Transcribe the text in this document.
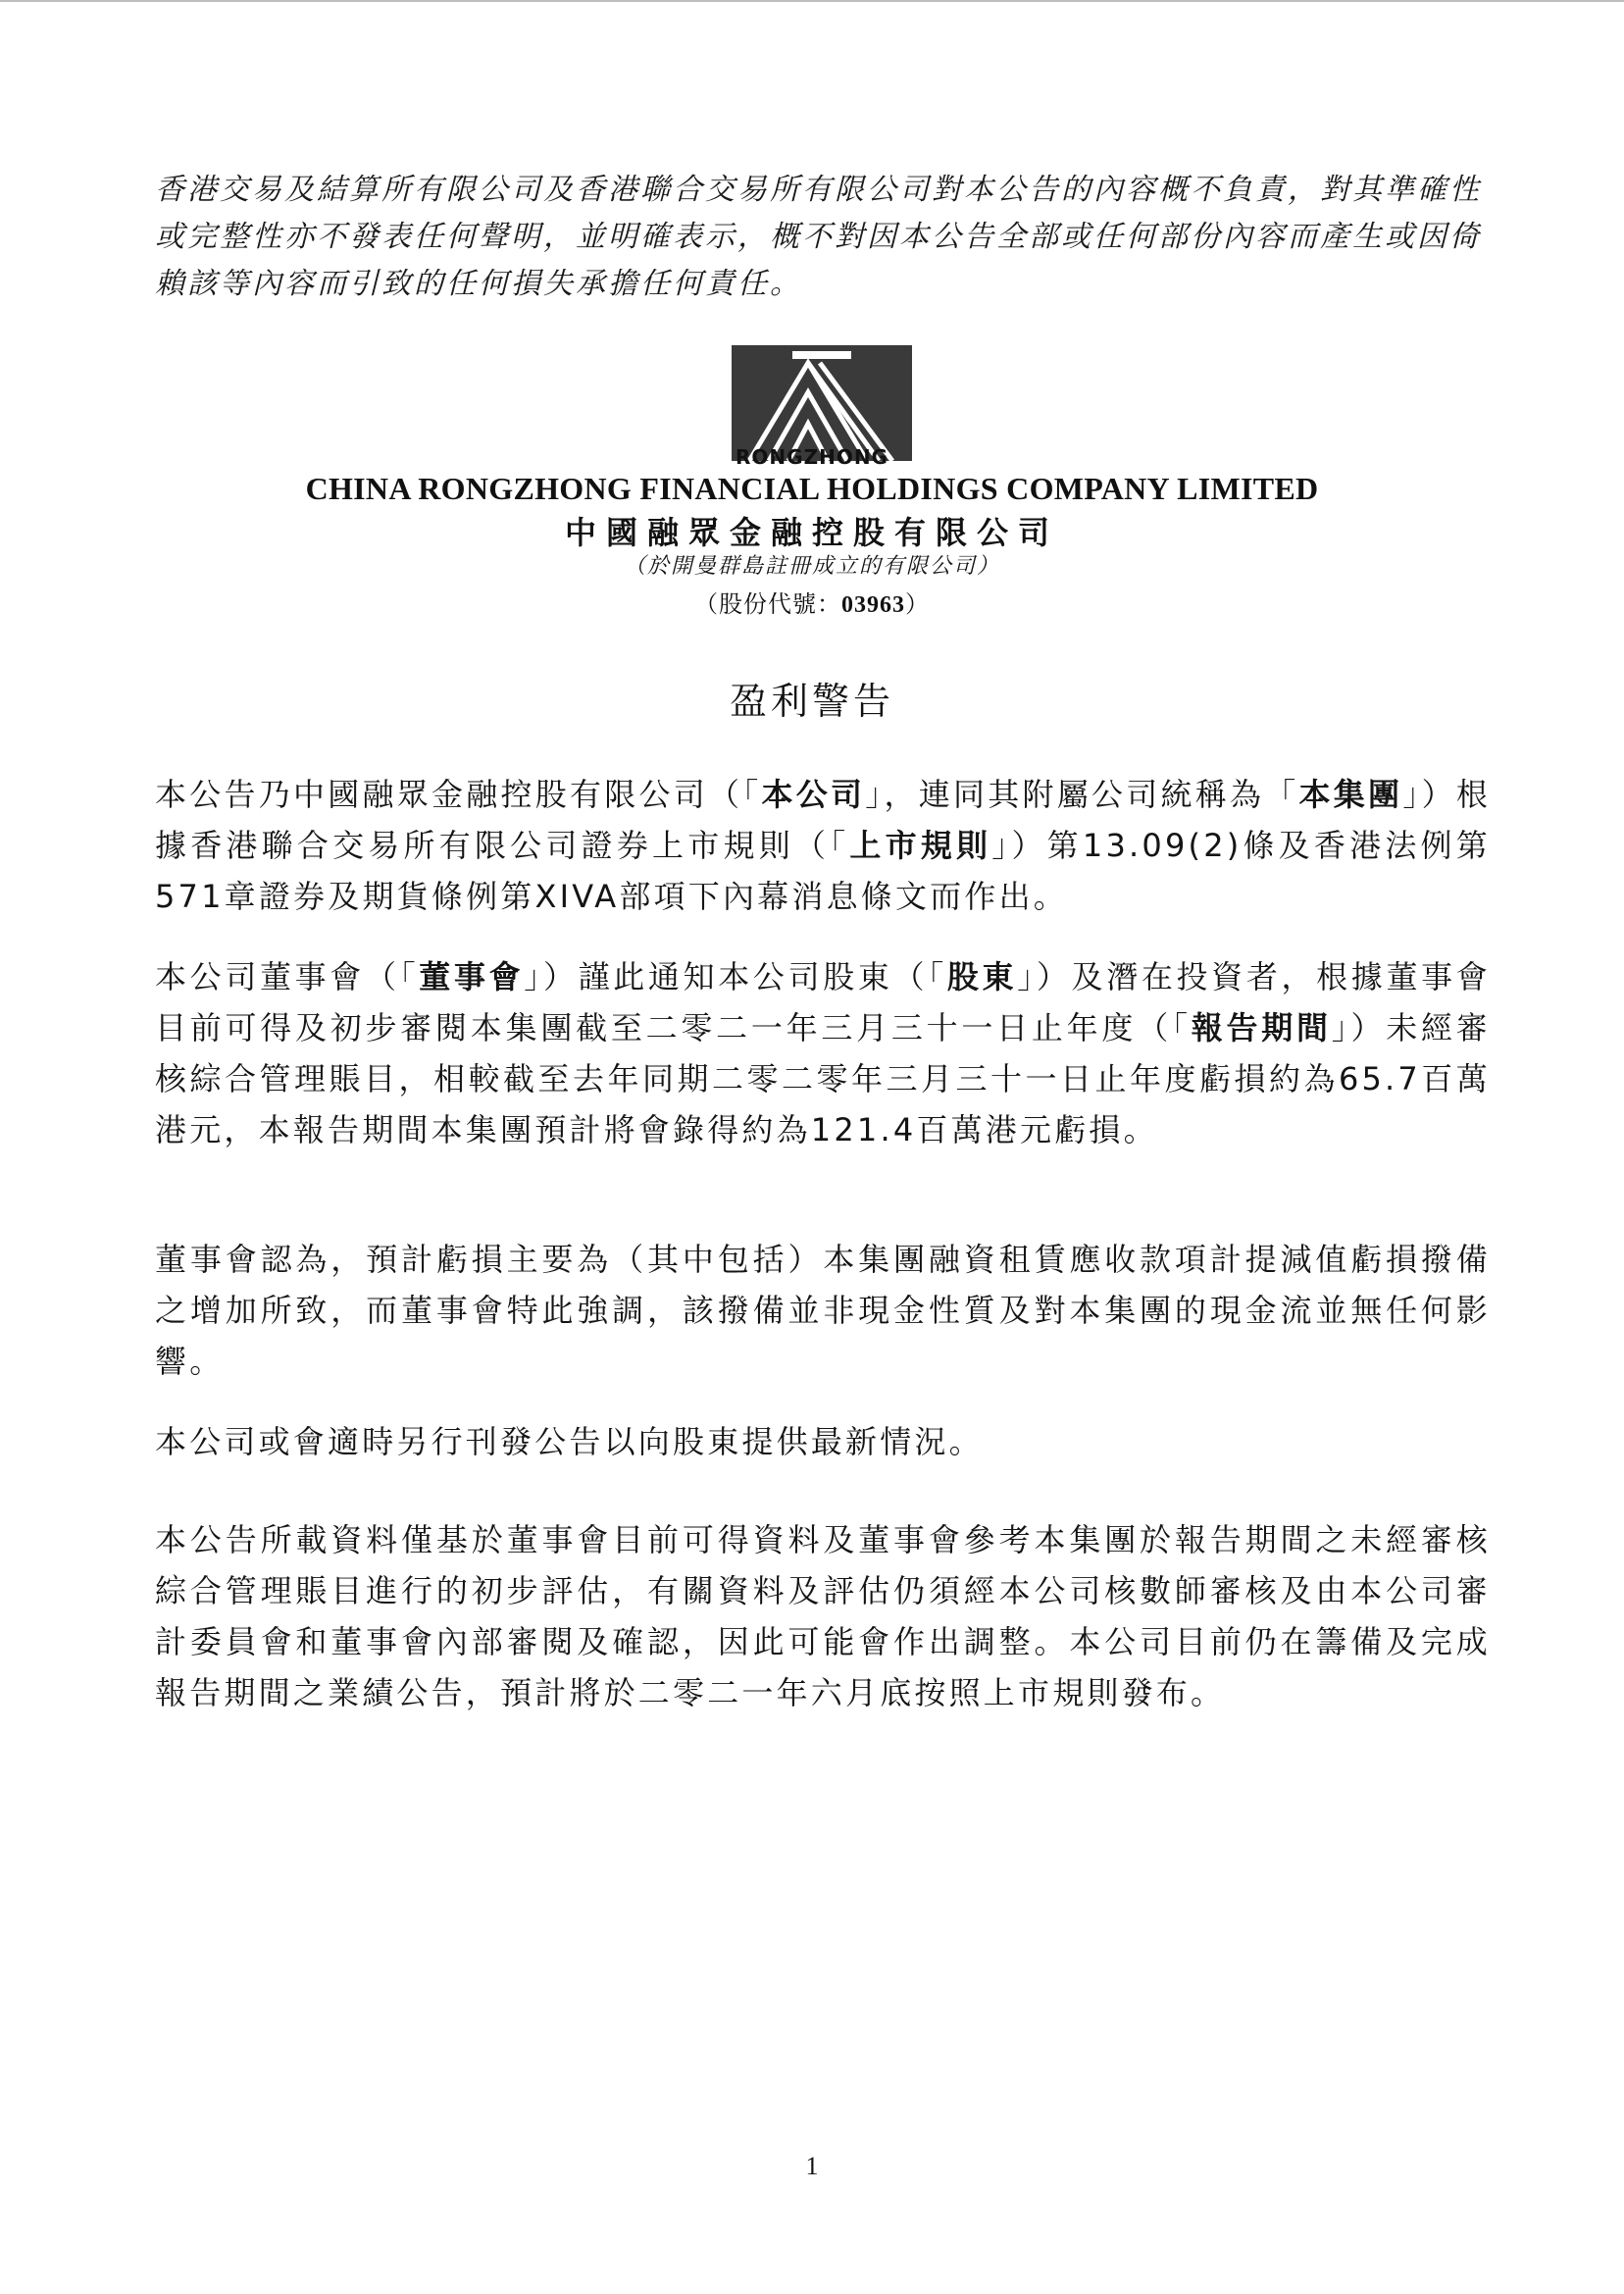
香港交易及結算所有限公司及香港聯合交易所有限公司對本公告的內容概不負責，對其準確性或完整性亦不發表任何聲明，並明確表示，概不對因本公告全部或任何部份內容而產生或因倚賴該等內容而引致的任何損失承擔任何責任。
RONGZHONG
CHINA RONGZHONG FINANCIAL HOLDINGS COMPANY LIMITED
中國融眾金融控股有限公司
（於開曼群島註冊成立的有限公司）
（股份代號：03963）
盈利警告
本公告乃中國融眾金融控股有限公司（「本公司」，連同其附屬公司統稱為「本集團」）根據香港聯合交易所有限公司證券上市規則（「上市規則」）第13.09(2)條及香港法例第571章證券及期貨條例第XIVA部項下內幕消息條文而作出。
本公司董事會（「董事會」）謹此通知本公司股東（「股東」）及潛在投資者，根據董事會目前可得及初步審閱本集團截至二零二一年三月三十一日止年度（「報告期間」）未經審核綜合管理賬目，相較截至去年同期二零二零年三月三十一日止年度虧損約為65.7百萬港元，本報告期間本集團預計將會錄得約為121.4百萬港元虧損。
董事會認為，預計虧損主要為（其中包括）本集團融資租賃應收款項計提減值虧損撥備之增加所致，而董事會特此強調，該撥備並非現金性質及對本集團的現金流並無任何影響。
本公司或會適時另行刊發公告以向股東提供最新情況。
本公告所載資料僅基於董事會目前可得資料及董事會參考本集團於報告期間之未經審核綜合管理賬目進行的初步評估，有關資料及評估仍須經本公司核數師審核及由本公司審計委員會和董事會內部審閱及確認，因此可能會作出調整。本公司目前仍在籌備及完成報告期間之業績公告，預計將於二零二一年六月底按照上市規則發布。
1
